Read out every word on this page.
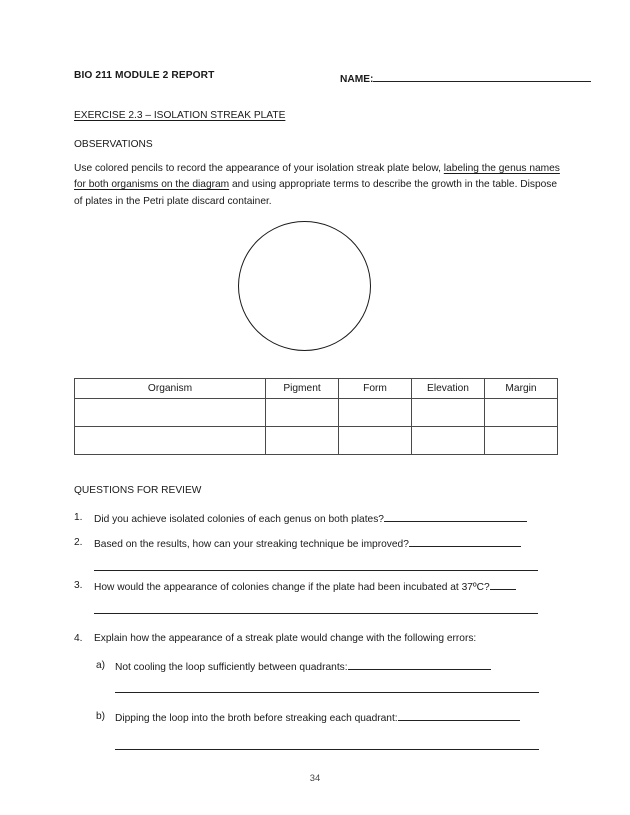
BIO 211 MODULE 2 REPORT	NAME:
EXERCISE 2.3 – ISOLATION STREAK PLATE
OBSERVATIONS
Use colored pencils to record the appearance of your isolation streak plate below, labeling the genus names for both organisms on the diagram and using appropriate terms to describe the growth in the table. Dispose of plates in the Petri plate discard container.
Organism	Pigment	Form	Elevation	Margin

QUESTIONS FOR REVIEW
1.	Did you achieve isolated colonies of each genus on both plates?
2.	Based on the results, how can your streaking technique be improved?
3.	How would the appearance of colonies change if the plate had been incubated at 37ºC?
4.	Explain how the appearance of a streak plate would change with the following errors:
a) Not cooling the loop sufficiently between quadrants:
b) Dipping the loop into the broth before streaking each quadrant:
34
